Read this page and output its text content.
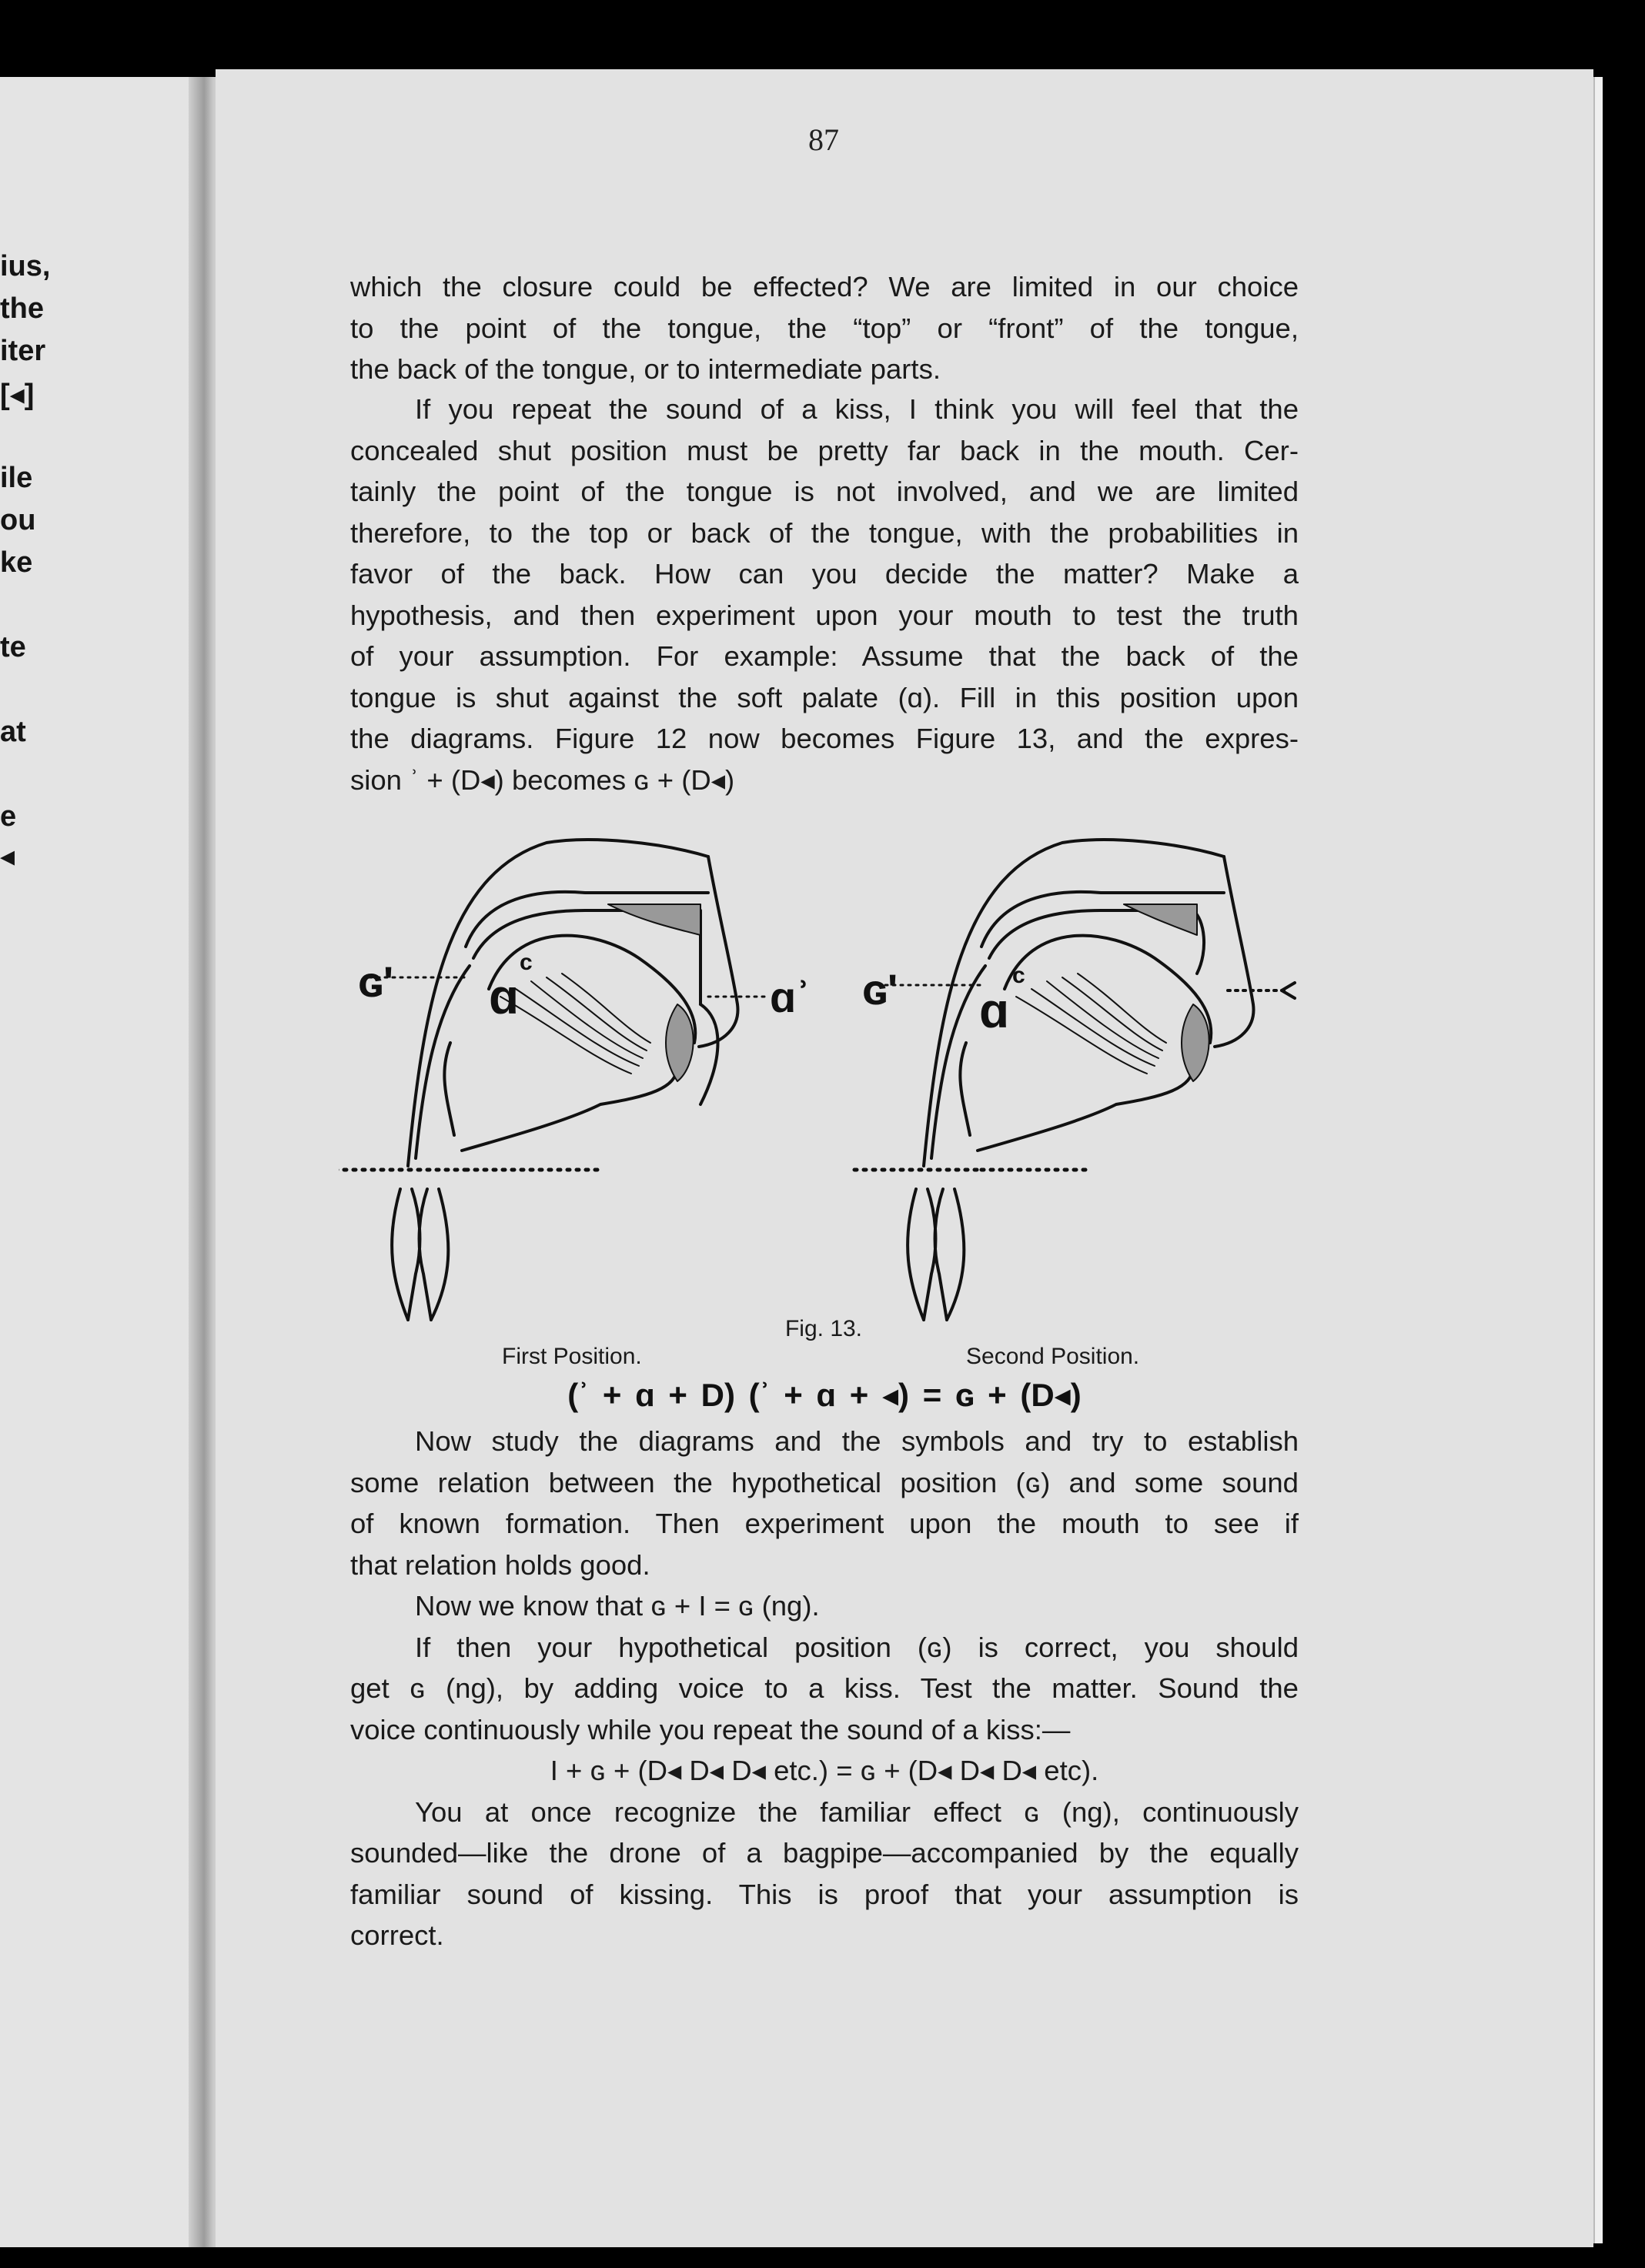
ius,
the
iter
[◂]
ile
ou
ke
te
at
e
◂
87
which the closure could be effected? We are limited in our choice
to the point of the tongue, the “top” or “front” of the tongue,
the back of the tongue, or to intermediate parts.
If you repeat the sound of a kiss, I think you will feel that the
concealed shut position must be pretty far back in the mouth. Cer-
tainly the point of the tongue is not involved, and we are limited
therefore, to the top or back of the tongue, with the probabilities in
favor of the back. How can you decide the matter? Make a
hypothesis, and then experiment upon your mouth to test the truth
of your assumption. For example: Assume that the back of the
tongue is shut against the soft palate (ɑ). Fill in this position upon
the diagrams. Figure 12 now becomes Figure 13, and the expres-
sion ʾ + (D◂) becomes ɢ + (D◂)
ɢʹ ɑ
c
ɑʾ ɢʹ ɑ
c
Fig. 13.
First Position.	Second Position.
(ʾ + ɑ + D) (ʾ + ɑ + ◂) = ɢ + (D◂)
Now study the diagrams and the symbols and try to establish
some relation between the hypothetical position (ɢ) and some sound
of known formation. Then experiment upon the mouth to see if
that relation holds good.
Now we know that ɢ + I = ɢ (ng).
If then your hypothetical position (ɢ) is correct, you should
get ɢ (ng), by adding voice to a kiss. Test the matter. Sound the
voice continuously while you repeat the sound of a kiss:—
I + ɢ + (D◂ D◂ D◂ etc.) = ɢ + (D◂ D◂ D◂ etc).
You at once recognize the familiar effect ɢ (ng), continuously
sounded—like the drone of a bagpipe—accompanied by the equally
familiar sound of kissing. This is proof that your assumption is
correct.
